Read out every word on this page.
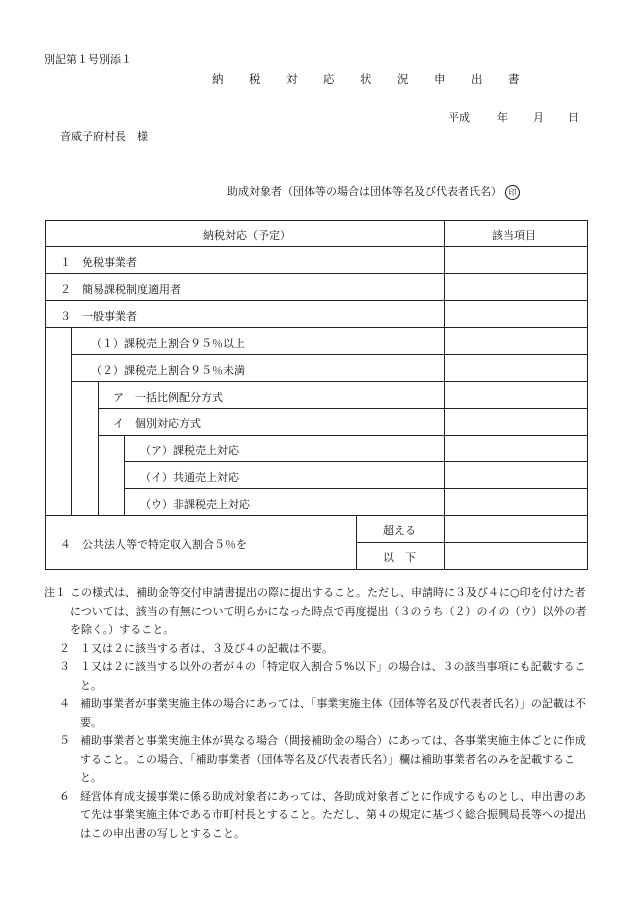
別記第１号別添１
納　税　対　応　状　況　申　出　書
平成 年 月 日
音威子府村長　様
助成対象者（団体等の場合は団体等名及び代表者氏名） 印
納税対応（予定）	該当項目
１　免税事業者
２　簡易課税制度適用者
３　一般事業者
（１）課税売上割合９５％以上
（２）課税売上割合９５％未満
ア　一括比例配分方式
イ　個別対応方式
（ア）課税売上対応
（イ）共通売上対応
（ウ）非課税売上対応
４　公共法人等で特定収入割合５％を
超える
以　下
注１ この様式は、補助金等交付申請書提出の際に提出すること。ただし、申請時に３及び４に○印を付けた者については、該当の有無について明らかになった時点で再度提出（３のうち（２）のイの（ウ）以外の者を除く。）すること。
２ １又は２に該当する者は、３及び４の記載は不要。
３ １又は２に該当する以外の者が４の「特定収入割合５%以下」の場合は、３の該当事項にも記載すること。
４ 補助事業者が事業実施主体の場合にあっては、「事業実施主体（団体等名及び代表者氏名）」の記載は不要。
５ 補助事業者と事業実施主体が異なる場合（間接補助金の場合）にあっては、各事業実施主体ごとに作成すること。この場合、「補助事業者（団体等名及び代表者氏名）」欄は補助事業者名のみを記載すること。
６ 経営体育成支援事業に係る助成対象者にあっては、各助成対象者ごとに作成するものとし、申出書のあて先は事業実施主体である市町村長とすること。ただし、第４の規定に基づく総合振興局長等への提出はこの申出書の写しとすること。
